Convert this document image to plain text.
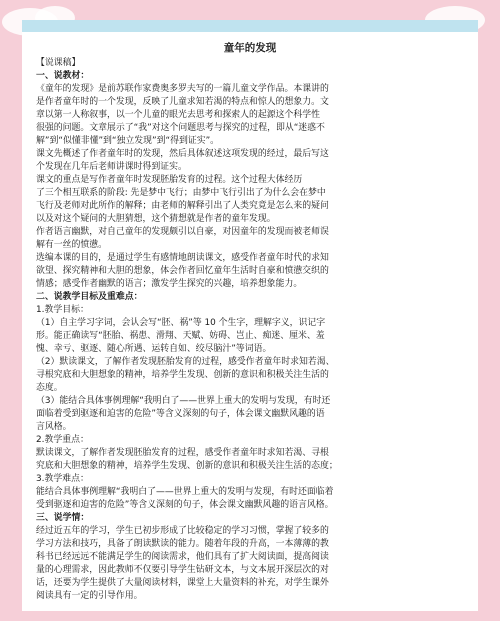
童年的发现
【说课稿】
一、说教材：
《童年的发现》是前苏联作家费奥多罗夫写的一篇儿童文学作品。本课讲的
是作者童年时的一个发现，反映了儿童求知若渴的特点和惊人的想象力。文
章以第一人称叙事，以一个儿童的眼光去思考和探索人的起源这个科学性
很强的问题。文章展示了“我”对这个问题思考与探究的过程，即从“迷惑不
解”到“似懂非懂”到“独立发现”到“得到证实”。
课文先概述了作者童年时的发现，然后具体叙述这项发现的经过，最后写这
个发现在几年后老师讲课时得到证实。
课文的重点是写作者童年时发现胚胎发育的过程。这个过程大体经历
了三个相互联系的阶段: 先是梦中飞行；由梦中飞行引出了为什么会在梦中
飞行及老师对此所作的解释；由老师的解释引出了人类究竟是怎么来的疑问
以及对这个疑问的大胆猜想，这个猜想就是作者的童年发现。
作者语言幽默，对自己童年的发现颇引以自豪，对因童年的发现而被老师误
解有一丝的愤懑。
选编本课的目的，是通过学生有感情地朗读课文，感受作者童年时代的求知
欲望、探究精神和大胆的想象，体会作者回忆童年生活时自豪和愤懑交织的
情感；感受作者幽默的语言；激发学生探究的兴趣，培养想象能力。
二、说教学目标及重难点：
1.教学目标：
（1）自主学习字词，会认会写“胚、祸”等 10 个生字，理解字义，识记字
形。能正确读写“胚胎、祸患、滑翔、天赋、妨碍、岂止、痴迷、厘米、羞
愧、幸亏、驱逐、随心所遇、运转自如、绞尽脑汁”等词语。
（2）默读课文，了解作者发现胚胎发育的过程，感受作者童年时求知若渴、
寻根究底和大胆想象的精神，培养学生发现、创新的意识和积极关注生活的
态度。
（3）能结合具体事例理解“我明白了——世界上重大的发明与发现，有时还
面临着受到驱逐和迫害的危险”等含义深刻的句子，体会课文幽默风趣的语
言风格。
2.教学重点：
默读课文，了解作者发现胚胎发育的过程，感受作者童年时求知若渴、寻根
究底和大胆想象的精神，培养学生发现、创新的意识和积极关注生活的态度；
3.教学难点：
能结合具体事例理解“我明白了——世界上重大的发明与发现，有时还面临着
受到驱逐和迫害的危险”等含义深刻的句子，体会课文幽默风趣的语言风格。
三、说学情：
经过近五年的学习，学生已初步形成了比较稳定的学习习惯，掌握了较多的
学习方法和技巧，具备了朗读默读的能力。随着年段的升高，一本薄薄的教
科书已经远远不能满足学生的阅读需求，他们具有了扩大阅读面，提高阅读
量的心理需求，因此教师不仅要引导学生钻研文本，与文本展开深层次的对
话，还要为学生提供了大量阅读材料，课堂上大量资料的补充，对学生课外
阅读具有一定的引导作用。
